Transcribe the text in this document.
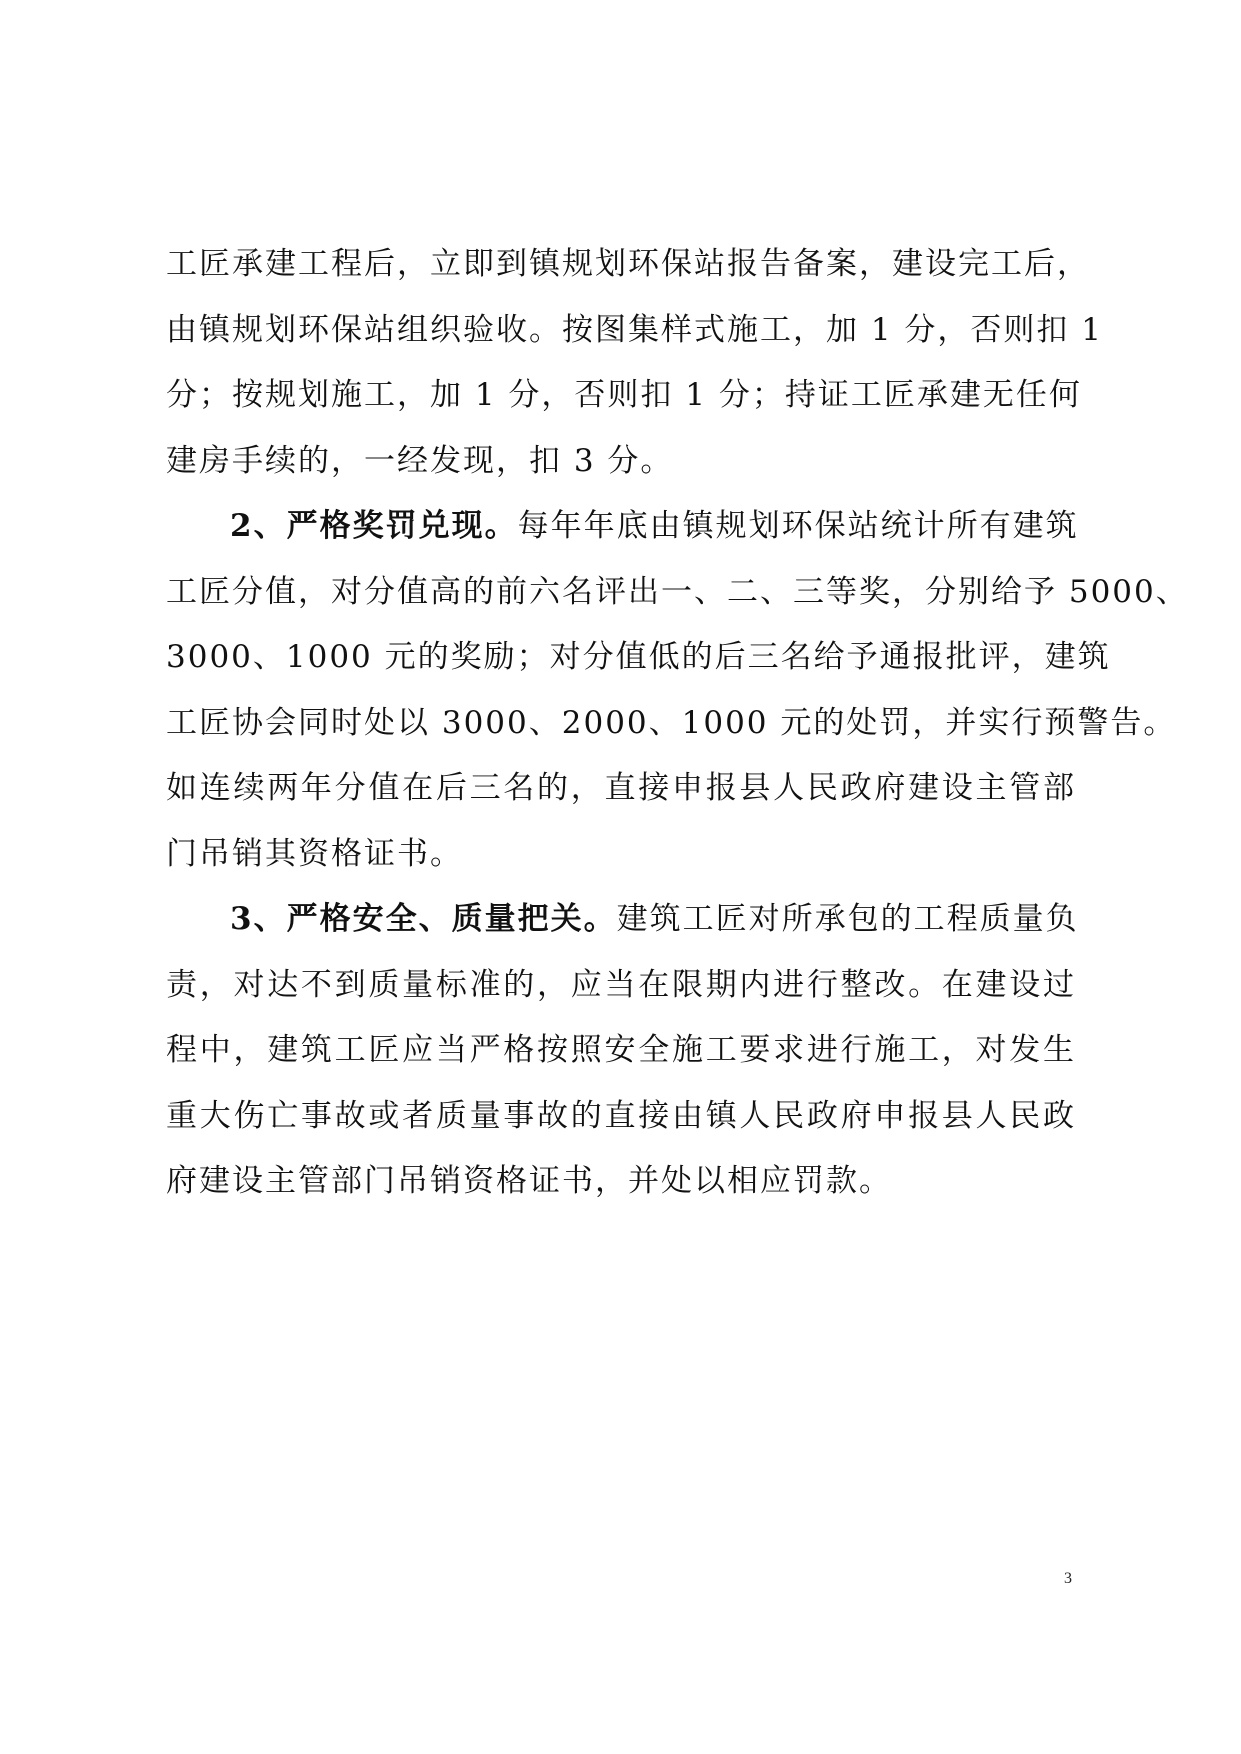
工匠承建工程后，立即到镇规划环保站报告备案，建设完工后，
由镇规划环保站组织验收。按图集样式施工，加 1 分，否则扣 1
分；按规划施工，加 1 分，否则扣 1 分；持证工匠承建无任何
建房手续的，一经发现，扣 3 分。
2、严格奖罚兑现。每年年底由镇规划环保站统计所有建筑
工匠分值，对分值高的前六名评出一、二、三等奖，分别给予 5000、
3000、1000 元的奖励；对分值低的后三名给予通报批评，建筑
工匠协会同时处以 3000、2000、1000 元的处罚，并实行预警告。
如连续两年分值在后三名的，直接申报县人民政府建设主管部
门吊销其资格证书。
3、严格安全、质量把关。建筑工匠对所承包的工程质量负
责，对达不到质量标准的，应当在限期内进行整改。在建设过
程中，建筑工匠应当严格按照安全施工要求进行施工，对发生
重大伤亡事故或者质量事故的直接由镇人民政府申报县人民政
府建设主管部门吊销资格证书，并处以相应罚款。
3
